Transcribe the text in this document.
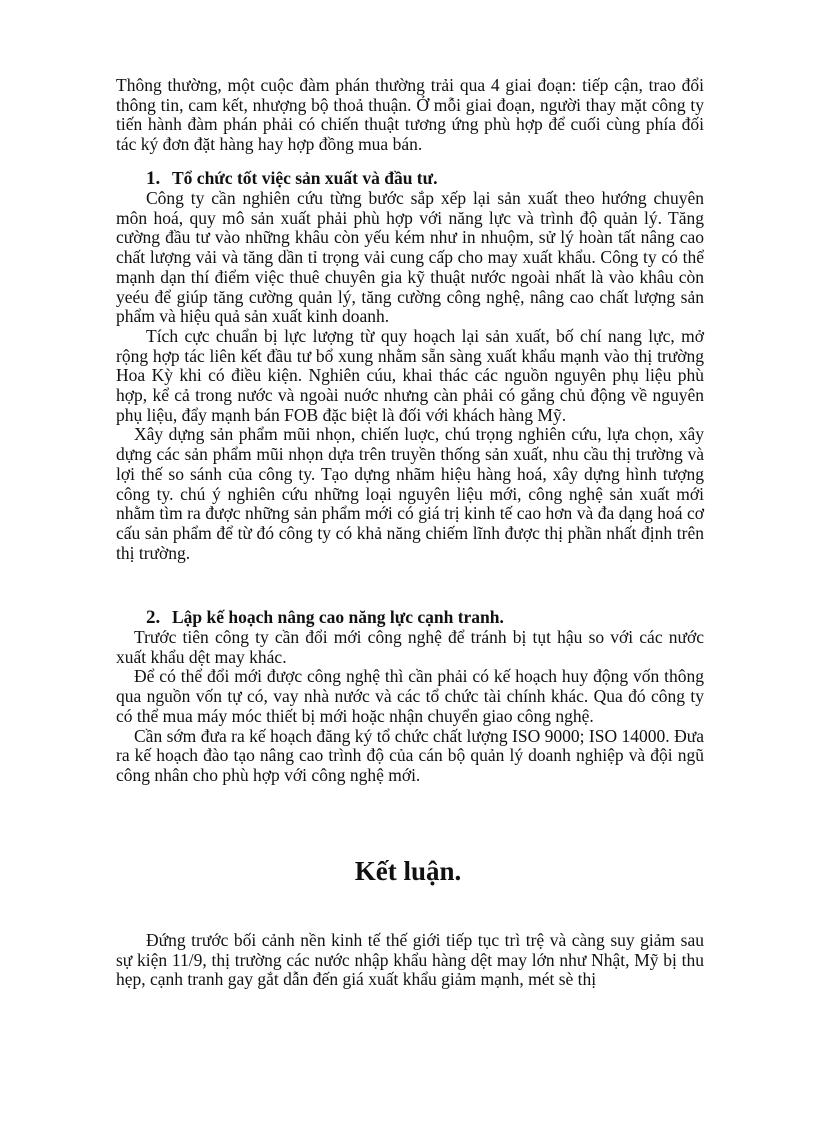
Thông thường, một cuộc đàm phán thường trải qua 4 giai đoạn: tiếp cận, trao đổi thông tin, cam kết, nhượng bộ thoả thuận. Ở mỗi giai đoạn, người thay mặt công ty tiến hành đàm phán phải có chiến thuật tương ứng phù hợp để cuối cùng phía đối tác ký đơn đặt hàng hay hợp đồng mua bán.

1. Tổ chức tốt việc sản xuất và đầu tư.

Công ty cần nghiên cứu từng bước sắp xếp lại sản xuất theo hướng chuyên môn hoá, quy mô sản xuất phải phù hợp với năng lực và trình độ quản lý. Tăng cường đầu tư vào những khâu còn yếu kém như in nhuộm, sử lý hoàn tất nâng cao chất lượng vải và tăng dần tỉ trọng vải cung cấp cho may xuất khẩu. Công ty có thể mạnh dạn thí điểm việc thuê chuyên gia kỹ thuật nước ngoài nhất là vào khâu còn yeéu để giúp tăng cường quản lý, tăng cường công nghệ, nâng cao chất lượng sản phẩm và hiệu quả sản xuất kinh doanh.

Tích cực chuẩn bị lực lượng từ quy hoạch lại sản xuất, bố chí nang lực, mở rộng hợp tác liên kết đầu tư bổ xung nhằm sẵn sàng xuất khẩu mạnh vào thị trường Hoa Kỳ khi có điều kiện. Nghiên cúu, khai thác các nguồn nguyên phụ liệu phù hợp, kể cả trong nước và ngoài nuớc nhưng càn phải có gắng chủ động về nguyên phụ liệu, đẩy mạnh bán FOB đặc biệt là đối với khách hàng Mỹ.

Xây dựng sản phẩm mũi nhọn, chiến luợc, chú trọng nghiên cứu, lựa chọn, xây dựng các sản phẩm mũi nhọn dựa trên truyền thống sản xuất, nhu cầu thị trường và lợi thế so sánh của công ty. Tạo dựng nhãm hiệu hàng hoá, xây dựng hình tượng công ty. chú ý nghiên cứu những loại nguyên liệu mới, công nghệ sản xuất mới nhằm tìm ra được những sản phẩm mới có giá trị kinh tế cao hơn và đa dạng hoá cơ cấu sản phẩm để từ đó công ty có khả năng chiếm lĩnh được thị phần nhất định trên thị trường.

2. Lập kế hoạch nâng cao năng lực cạnh tranh.

Trước tiên công ty cần đổi mới công nghệ để tránh bị tụt hậu so với các nước xuất khẩu dệt may khác.

Để có thể đổi mới được công nghệ thì cần phải có kế hoạch huy động vốn thông qua nguồn vốn tự có, vay nhà nước và các tổ chức tài chính khác. Qua đó công ty có thể mua máy móc thiết bị mới hoặc nhận chuyển giao công nghệ.

Cần sớm đưa ra kế hoạch đăng ký tổ chức chất lượng ISO 9000; ISO 14000. Đưa ra kế hoạch đào tạo nâng cao trình độ của cán bộ quản lý doanh nghiệp và đội ngũ công nhân cho phù hợp với công nghệ mới.

Kết luận.

Đứng trước bối cảnh nền kinh tế thế giới tiếp tục trì trệ và càng suy giảm sau sự kiện 11/9, thị trường các nước nhập khẩu hàng dệt may lớn như Nhật, Mỹ bị thu hẹp, cạnh tranh gay gắt dẫn đến giá xuất khẩu giảm mạnh, mét sè thị
